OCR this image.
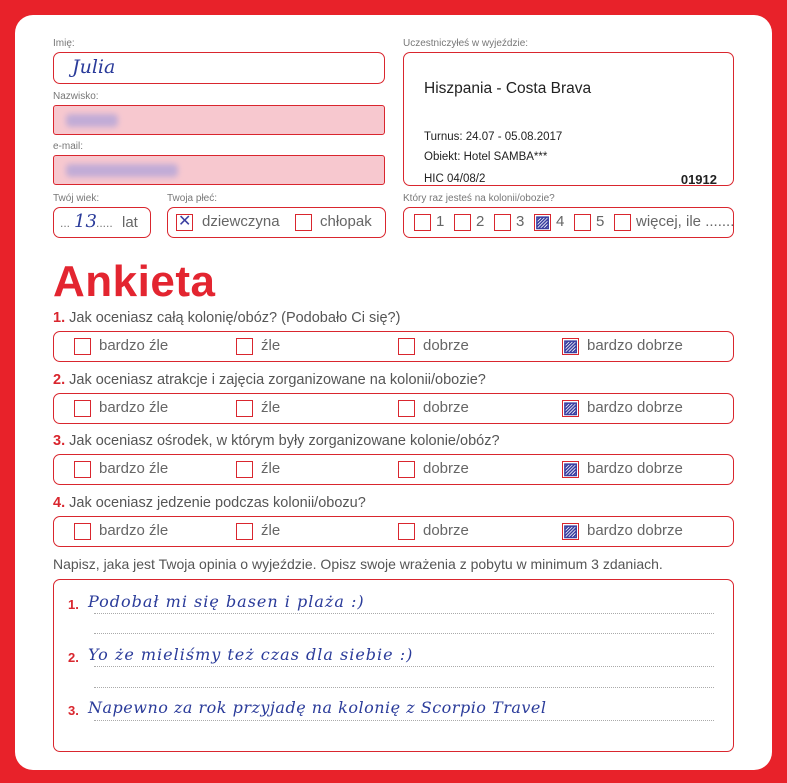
Imię:
Julia
Nazwisko:
e-mail:
Twój wiek:
... 13 ..... lat
Twoja płeć:
✕ dziewczyna	chłopak
Uczestniczyłeś w wyjeździe:
Hiszpania - Costa Brava
Turnus: 24.07 - 05.08.2017
Obiekt: Hotel SAMBA***
HIC 04/08/2	01912
Który raz jesteś na kolonii/obozie?
1 2 3 ▨ 4 5 więcej, ile .......
Ankieta
1. Jak oceniasz całą kolonię/obóz? (Podobało Ci się?)
bardzo źle	źle	dobrze	▨ bardzo dobrze
2. Jak oceniasz atrakcje i zajęcia zorganizowane na kolonii/obozie?
bardzo źle	źle	dobrze	▨ bardzo dobrze
3. Jak oceniasz ośrodek, w którym były zorganizowane kolonie/obóz?
bardzo źle	źle	dobrze	▨ bardzo dobrze
4. Jak oceniasz jedzenie podczas kolonii/obozu?
bardzo źle	źle	dobrze	▨ bardzo dobrze
Napisz, jaka jest Twoja opinia o wyjeździe. Opisz swoje wrażenia z pobytu w minimum 3 zdaniach.
1. Podobał mi się basen i plaża :)
2. Yo że mieliśmy też czas dla siebie :)
3. Napewno za rok przyjadę na kolonię z Scorpio Travel
